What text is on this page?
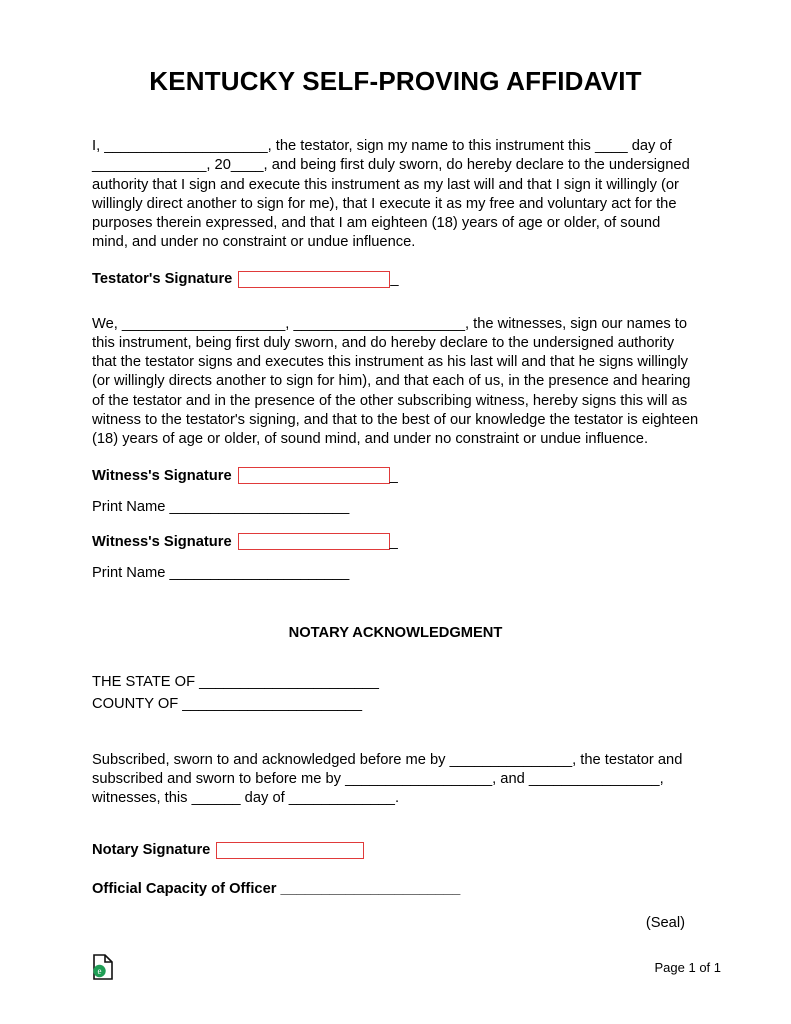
KENTUCKY SELF-PROVING AFFIDAVIT

I, ____________________, the testator, sign my name to this instrument this ____ day of ______________, 20____, and being first duly sworn, do hereby declare to the undersigned authority that I sign and execute this instrument as my last will and that I sign it willingly (or willingly direct another to sign for me), that I execute it as my free and voluntary act for the purposes therein expressed, and that I am eighteen (18) years of age or older, of sound mind, and under no constraint or undue influence.

Testator's Signature	_

We, ____________________, _____________________, the witnesses, sign our names to this instrument, being first duly sworn, and do hereby declare to the undersigned authority that the testator signs and executes this instrument as his last will and that he signs willingly (or willingly directs another to sign for him), and that each of us, in the presence and hearing of the testator and in the presence of the other subscribing witness, hereby signs this will as witness to the testator's signing, and that to the best of our knowledge the testator is eighteen (18) years of age or older, of sound mind, and under no constraint or undue influence.

Witness's Signature	_
Print Name ______________________
Witness's Signature	_
Print Name ______________________
NOTARY ACKNOWLEDGMENT
THE STATE OF ______________________
COUNTY OF ______________________

Subscribed, sworn to and acknowledged before me by _______________, the testator and subscribed and sworn to before me by __________________, and ________________, witnesses, this ______ day of _____________.

Notary Signature
Official Capacity of Officer ______________________
(Seal)
e	Page 1 of 1
